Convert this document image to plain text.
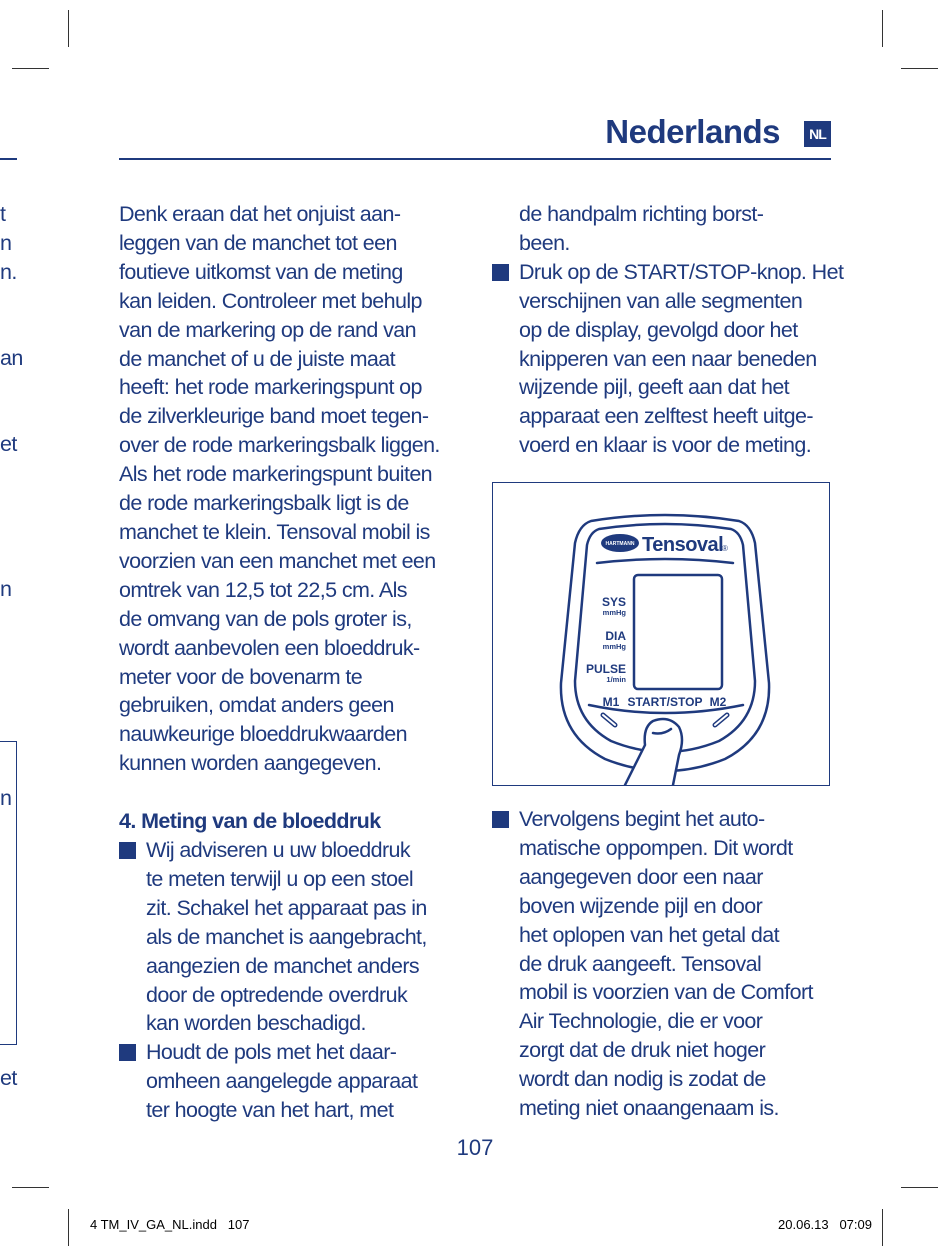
Nederlands	NL
t
n
n.
an
et
n
n
et
Denk eraan dat het onjuist aan-
leggen van de manchet tot een
foutieve uitkomst van de meting
kan leiden. Controleer met behulp
van de markering op de rand van
de manchet of u de juiste maat
heeft: het rode markeringspunt op
de zilverkleurige band moet tegen-
over de rode markeringsbalk liggen.
Als het rode markeringspunt buiten
de rode markeringsbalk ligt is de
manchet te klein. Tensoval mobil is
voorzien van een manchet met een
omtrek van 12,5 tot 22,5 cm. Als
de omvang van de pols groter is,
wordt aanbevolen een bloeddruk-
meter voor de bovenarm te
gebruiken, omdat anders geen
nauwkeurige bloeddrukwaarden
kunnen worden aangegeven.
4. Meting van de bloeddruk
Wij adviseren u uw bloeddruk
te meten terwijl u op een stoel
zit. Schakel het apparaat pas in
als de manchet is aangebracht,
aangezien de manchet anders
door de optredende overdruk
kan worden beschadigd.
Houdt de pols met het daar-
omheen aangelegde apparaat
ter hoogte van het hart, met
de handpalm richting borst-
been.
Druk op de START/STOP-knop. Het
verschijnen van alle segmenten
op de display, gevolgd door het
knipperen van een naar beneden
wijzende pijl, geeft aan dat het
apparaat een zelftest heeft uitge-
voerd en klaar is voor de meting.
HARTMANN Tensoval
®
SYS
mmHg
DIA
mmHg
PULSE
1/min
M1 START/STOP M2
Vervolgens begint het auto-
matische oppompen. Dit wordt
aangegeven door een naar
boven wijzende pijl en door
het oplopen van het getal dat
de druk aangeeft. Tensoval
mobil is voorzien van de Comfort
Air Technologie, die er voor
zorgt dat de druk niet hoger
wordt dan nodig is zodat de
meting niet onaangenaam is.
107
4 TM_IV_GA_NL.indd   107	20.06.13   07:09
